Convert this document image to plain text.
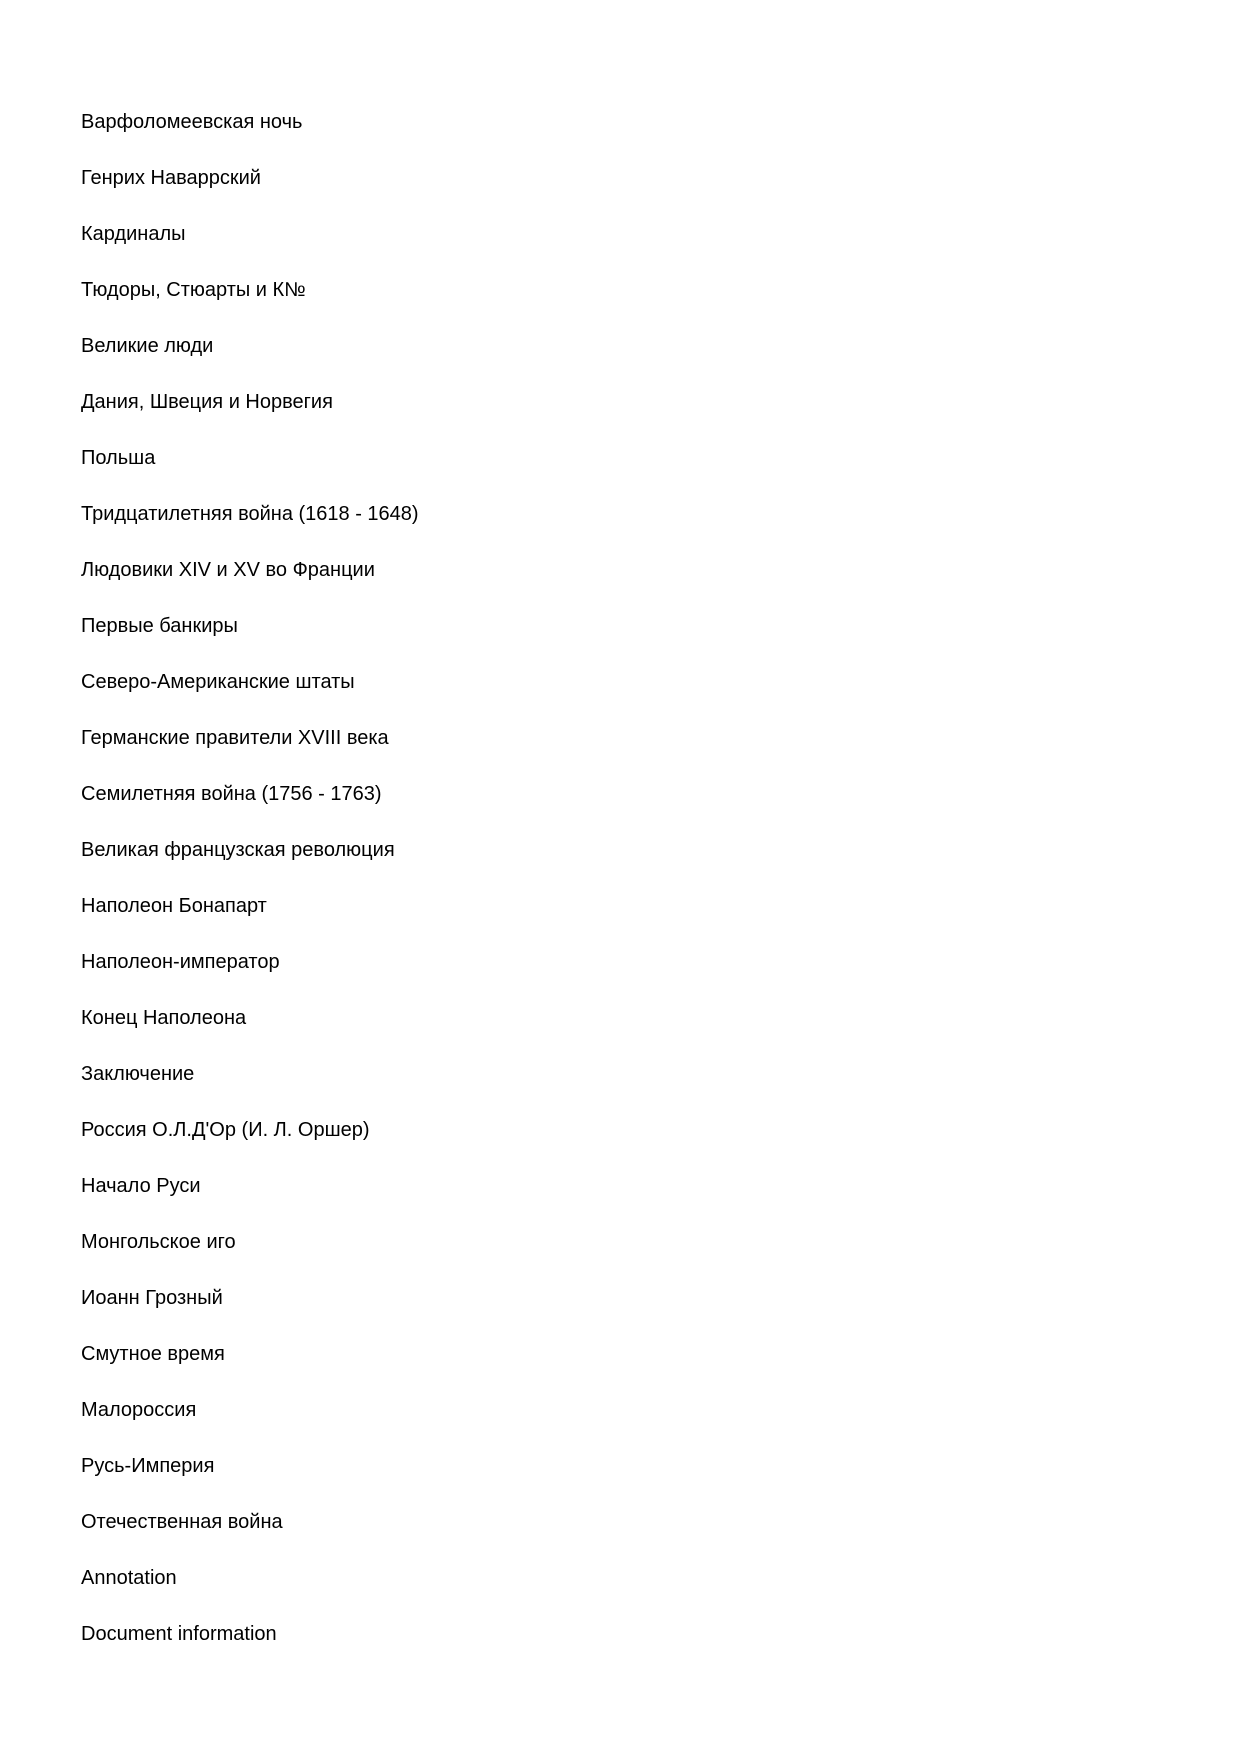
Варфоломеевская ночь
Генрих Наваррский
Кардиналы
Тюдоры, Стюарты и К№
Великие люди
Дания, Швеция и Норвегия
Польша
Тридцатилетняя война (1618 - 1648)
Людовики XIV и XV во Франции
Первые банкиры
Северо-Американские штаты
Германские правители XVIII века
Семилетняя война (1756 - 1763)
Великая французская революция
Наполеон Бонапарт
Наполеон-император
Конец Наполеона
Заключение
Россия О.Л.Д'Ор (И. Л. Оршер)
Начало Руси
Монгольское иго
Иоанн Грозный
Смутное время
Малороссия
Русь-Империя
Отечественная война
Annotation
Document information
